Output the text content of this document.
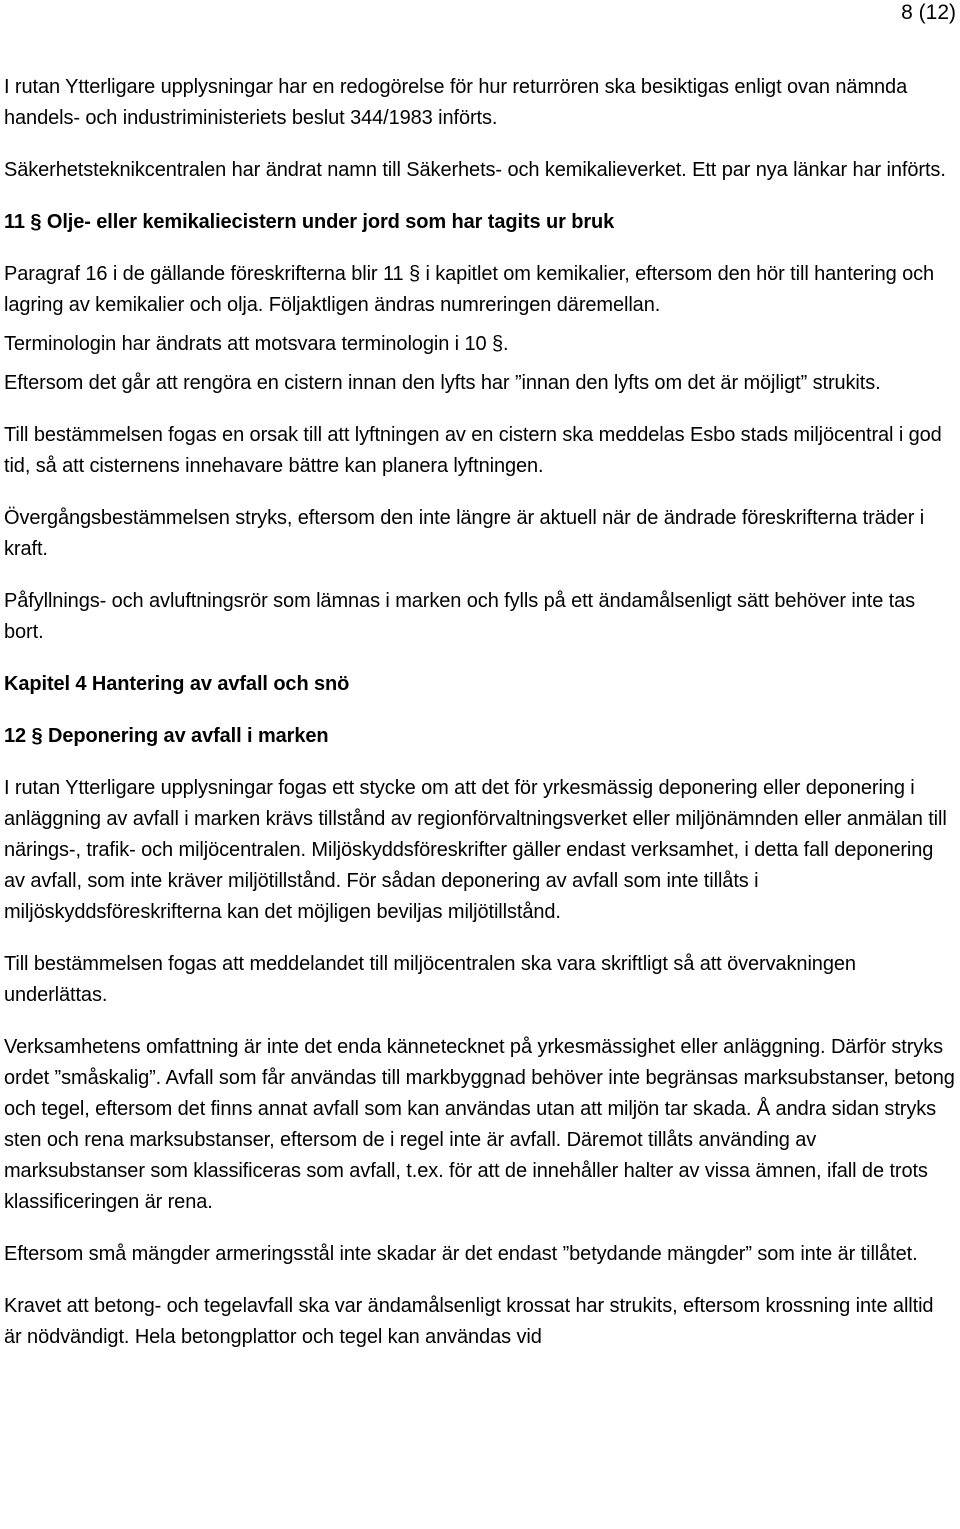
8 (12)

I rutan Ytterligare upplysningar har en redogörelse för hur returrören ska besiktigas enligt ovan nämnda handels- och industriministeriets beslut 344/1983 införts.

Säkerhetsteknikcentralen har ändrat namn till Säkerhets- och kemikalieverket. Ett par nya länkar har införts.

11 § Olje- eller kemikaliecistern under jord som har tagits ur bruk

Paragraf 16 i de gällande föreskrifterna blir 11 § i kapitlet om kemikalier, eftersom den hör till hantering och lagring av kemikalier och olja. Följaktligen ändras numreringen däremellan.

Terminologin har ändrats att motsvara terminologin i 10 §.

Eftersom det går att rengöra en cistern innan den lyfts har ”innan den lyfts om det är möjligt” strukits.

Till bestämmelsen fogas en orsak till att lyftningen av en cistern ska meddelas Esbo stads miljöcentral i god tid, så att cisternens innehavare bättre kan planera lyftningen.

Övergångsbestämmelsen stryks, eftersom den inte längre är aktuell när de ändrade föreskrifterna träder i kraft.

Påfyllnings- och avluftningsrör som lämnas i marken och fylls på ett ändamålsenligt sätt behöver inte tas bort.

Kapitel 4 Hantering av avfall och snö
12 § Deponering av avfall i marken

I rutan Ytterligare upplysningar fogas ett stycke om att det för yrkesmässig deponering eller deponering i anläggning av avfall i marken krävs tillstånd av regionförvaltningsverket eller miljönämnden eller anmälan till närings-, trafik- och miljöcentralen. Miljöskyddsföreskrifter gäller endast verksamhet, i detta fall deponering av avfall, som inte kräver miljötillstånd. För sådan deponering av avfall som inte tillåts i miljöskyddsföreskrifterna kan det möjligen beviljas miljötillstånd.

Till bestämmelsen fogas att meddelandet till miljöcentralen ska vara skriftligt så att övervakningen underlättas.

Verksamhetens omfattning är inte det enda kännetecknet på yrkesmässighet eller anläggning. Därför stryks ordet ”småskalig”. Avfall som får användas till markbyggnad behöver inte begränsas marksubstanser, betong och tegel, eftersom det finns annat avfall som kan användas utan att miljön tar skada. Å andra sidan stryks sten och rena marksubstanser, eftersom de i regel inte är avfall. Däremot tillåts använding av marksubstanser som klassificeras som avfall, t.ex. för att de innehåller halter av vissa ämnen, ifall de trots klassificeringen är rena.

Eftersom små mängder armeringsstål inte skadar är det endast ”betydande mängder” som inte är tillåtet.

Kravet att betong- och tegelavfall ska var ändamålsenligt krossat har strukits, eftersom krossning inte alltid är nödvändigt. Hela betongplattor och tegel kan användas vid
